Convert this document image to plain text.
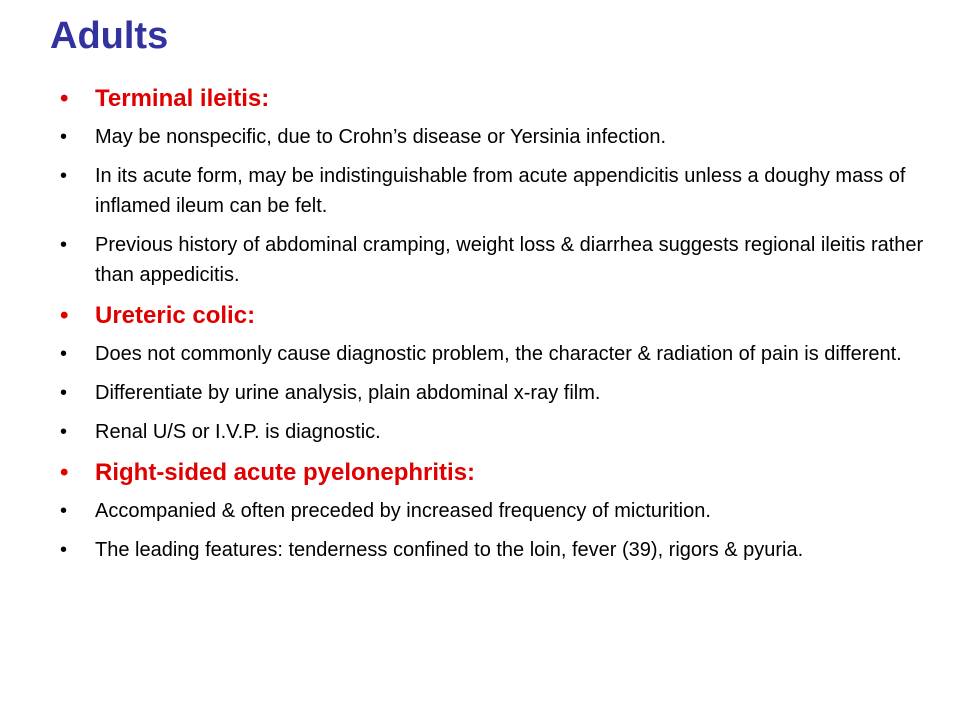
Adults
• Terminal ileitis:
• May be nonspecific, due to Crohn’s disease or Yersinia infection.
• In its acute form, may be indistinguishable from acute appendicitis unless a doughy mass of inflamed ileum can be felt.
• Previous history of abdominal cramping, weight loss & diarrhea suggests regional ileitis rather than appedicitis.
• Ureteric colic:
• Does not commonly cause diagnostic problem, the character & radiation of pain is different.
• Differentiate by urine analysis, plain abdominal x-ray film.
• Renal U/S or I.V.P. is diagnostic.
• Right-sided acute pyelonephritis:
• Accompanied & often preceded by increased frequency of micturition.
• The leading features: tenderness confined to the loin, fever (39), rigors & pyuria.
